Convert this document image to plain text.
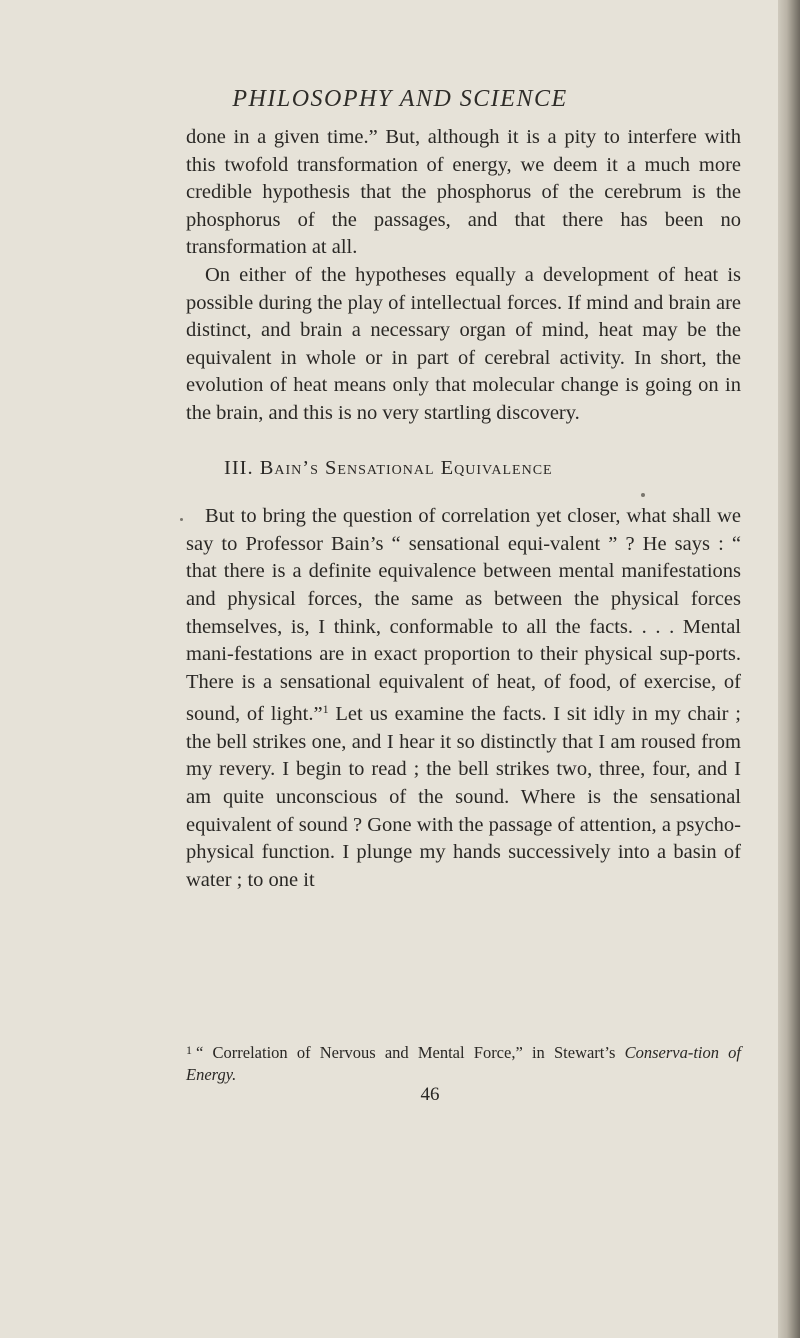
PHILOSOPHY AND SCIENCE

done in a given time.” But, although it is a pity to interfere with this twofold transformation of energy, we deem it a much more credible hypothesis that the phosphorus of the cerebrum is the phosphorus of the passages, and that there has been no transformation at all.

On either of the hypotheses equally a development of heat is possible during the play of intellectual forces. If mind and brain are distinct, and brain a necessary organ of mind, heat may be the equivalent in whole or in part of cerebral activity. In short, the evolution of heat means only that molecular change is going on in the brain, and this is no very startling discovery.

III. Bain’s Sensational Equivalence

But to bring the question of correlation yet closer, what shall we say to Professor Bain’s “ sensational equi-valent ” ? He says : “ that there is a definite equivalence between mental manifestations and physical forces, the same as between the physical forces themselves, is, I think, conformable to all the facts. . . . Mental mani-festations are in exact proportion to their physical sup-ports. There is a sensational equivalent of heat, of food, of exercise, of sound, of light.”$^1$ Let us examine the facts. I sit idly in my chair ; the bell strikes one, and I hear it so distinctly that I am roused from my revery. I begin to read ; the bell strikes two, three, four, and I am quite unconscious of the sound. Where is the sensational equivalent of sound ? Gone with the passage of attention, a psycho-physical function. I plunge my hands successively into a basin of water ; to one it

$^1$ “ Correlation of Nervous and Mental Force,” in Stewart’s Conserva-tion of Energy.
46
